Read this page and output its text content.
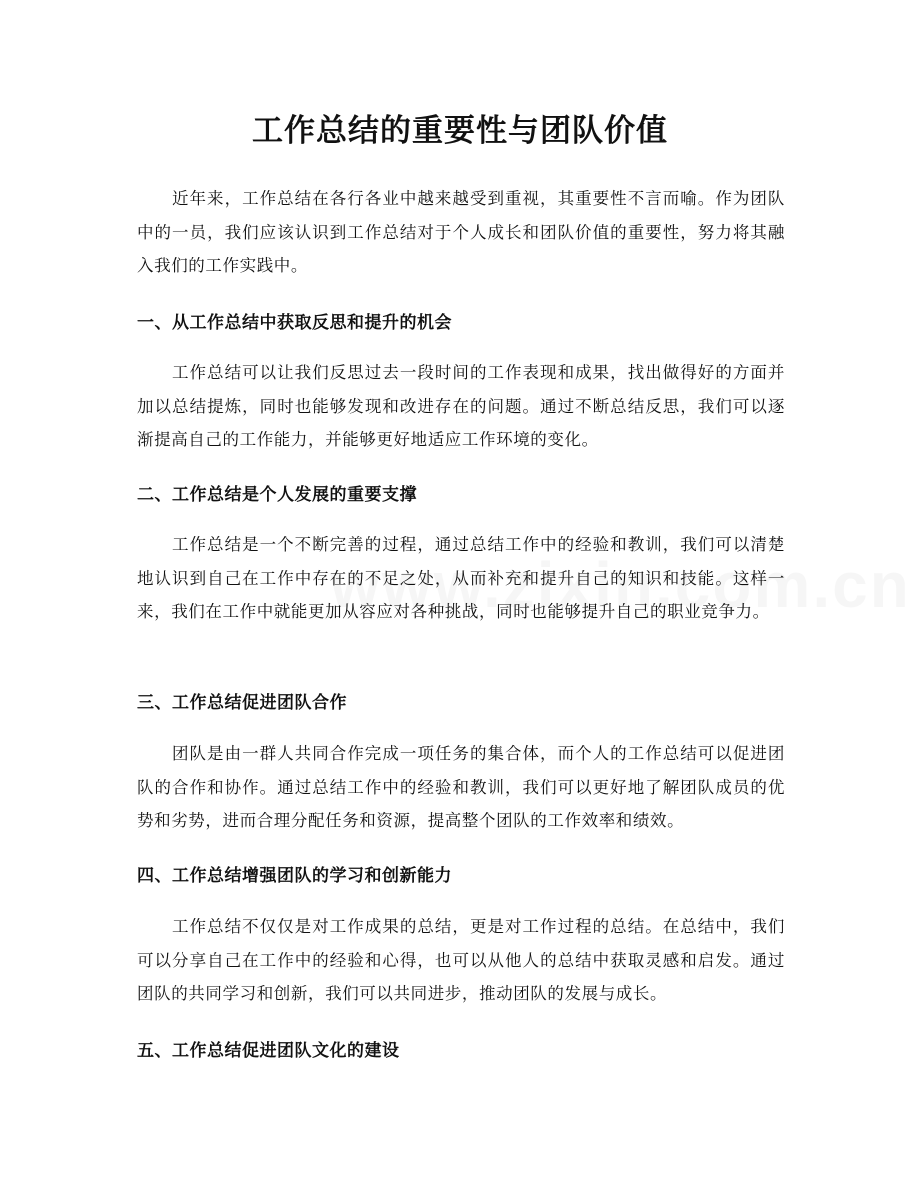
工作总结的重要性与团队价值

近年来，工作总结在各行各业中越来越受到重视，其重要性不言而喻。作为团队中的一员，我们应该认识到工作总结对于个人成长和团队价值的重要性，努力将其融入我们的工作实践中。

一、从工作总结中获取反思和提升的机会

工作总结可以让我们反思过去一段时间的工作表现和成果，找出做得好的方面并加以总结提炼，同时也能够发现和改进存在的问题。通过不断总结反思，我们可以逐渐提高自己的工作能力，并能够更好地适应工作环境的变化。

二、工作总结是个人发展的重要支撑

工作总结是一个不断完善的过程，通过总结工作中的经验和教训，我们可以清楚地认识到自己在工作中存在的不足之处，从而补充和提升自己的知识和技能。这样一来，我们在工作中就能更加从容应对各种挑战，同时也能够提升自己的职业竞争力。

三、工作总结促进团队合作

团队是由一群人共同合作完成一项任务的集合体，而个人的工作总结可以促进团队的合作和协作。通过总结工作中的经验和教训，我们可以更好地了解团队成员的优势和劣势，进而合理分配任务和资源，提高整个团队的工作效率和绩效。

四、工作总结增强团队的学习和创新能力

工作总结不仅仅是对工作成果的总结，更是对工作过程的总结。在总结中，我们可以分享自己在工作中的经验和心得，也可以从他人的总结中获取灵感和启发。通过团队的共同学习和创新，我们可以共同进步，推动团队的发展与成长。

五、工作总结促进团队文化的建设
